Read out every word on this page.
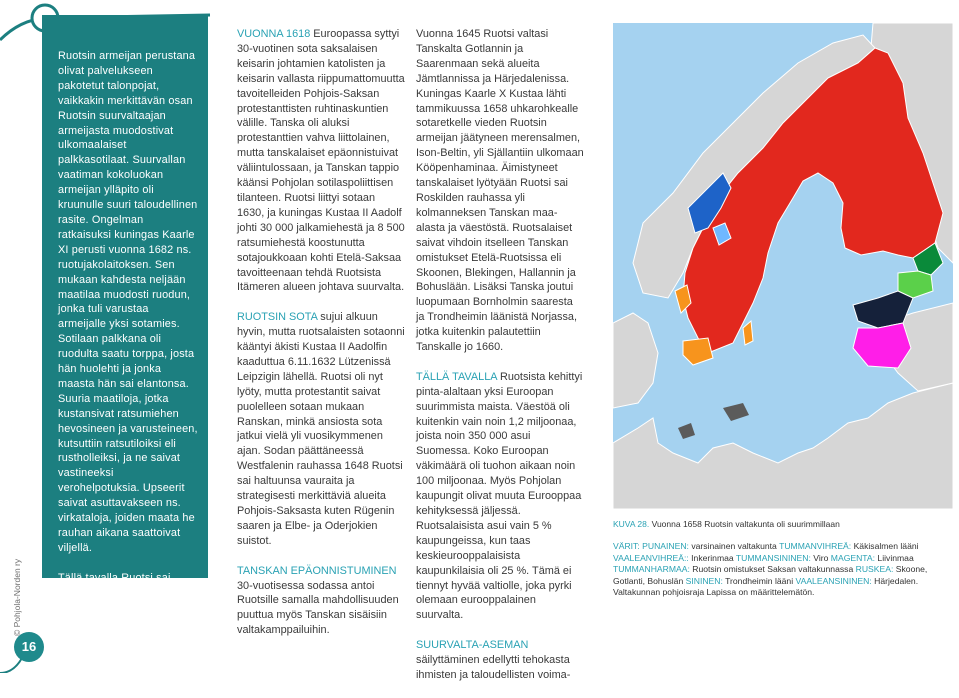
© Pohjola-Norden ry
16

Ruotsin armeijan perustana olivat palvelukseen pakotetut talonpojat, vaikkakin merkittävän osan Ruotsin suurvaltaajan armeijasta muodostivat ulkomaalaiset palkkasotilaat. Suurvallan vaatiman kokoluokan armeijan ylläpito oli kruunulle suuri taloudellinen rasite. Ongelman ratkaisuksi kuningas Kaarle XI perusti vuonna 1682 ns. ruotujakolaitoksen. Sen mukaan kahdesta neljään maatilaa muodosti ruodun, jonka tuli varustaa armeijalle yksi sotamies. Sotilaan palkkana oli ruodulta saatu torppa, josta hän huolehti ja jonka maasta hän sai elantonsa. Suuria maatiloja, jotka kustansivat ratsumiehen hevosineen ja varusteineen, kutsuttiin ratsutiloiksi eli rustholleiksi, ja ne saivat vastineeksi verohelpotuksia. Upseerit saivat asuttavakseen ns. virkataloja, joiden maata he rauhan aikana saattoivat viljellä.

Tällä tavalla Ruotsi sai vakituisen armeijan. Laivastoa varten rakennettiin Karlskronaan valtakunnan ensimmäinen sotilassatama ja -telakka.

VUONNA 1618 Euroopassa syttyi 30-vuotinen sota saksalaisen keisarin johtamien katolisten ja keisarin vallasta riippumattomuutta tavoitelleiden Pohjois-Saksan protestanttisten ruhtinaskuntien välille. Tanska oli aluksi protestanttien vahva liittolainen, mutta tanskalaiset epäonnistuivat väliintulossaan, ja Tanskan tappio käänsi Pohjolan sotilaspoliittisen tilanteen. Ruotsi liittyi sotaan 1630, ja kuningas Kustaa II Aadolf johti 30 000 jalkamiehestä ja 8 500 ratsumiehestä koostunutta sotajoukkoaan kohti Etelä-Saksaa tavoitteenaan tehdä Ruotsista Itämeren alueen johtava suurvalta.

RUOTSIN SOTA sujui alkuun hyvin, mutta ruotsalaisten sotaonni kääntyi äkisti Kustaa II Aadolfin kaaduttua 6.11.1632 Lützenissä Leipzigin lähellä. Ruotsi oli nyt lyöty, mutta protestantit saivat puolelleen sotaan mukaan Ranskan, minkä ansiosta sota jatkui vielä yli vuosikymmenen ajan. Sodan päättäneessä Westfalenin rauhassa 1648 Ruotsi sai haltuunsa vauraita ja strategisesti merkittäviä alueita Pohjois-Saksasta kuten Rügenin saaren ja Elbe- ja Oderjokien suistot.

TANSKAN EPÄONNISTUMINEN 30-vuotisessa sodassa antoi Ruotsille samalla mahdollisuuden puuttua myös Tanskan sisäisiin valtakamppailuihin.

Vuonna 1645 Ruotsi valtasi Tanskalta Gotlannin ja Saarenmaan sekä alueita Jämtlannissa ja Härjedalenissa. Kuningas Kaarle X Kustaa lähti tammikuussa 1658 uhkarohkealle sotaretkelle vieden Ruotsin armeijan jäätyneen merensalmen, Ison-Beltin, yli Själlantiin ulkomaan Kööpenhaminaa. Äimistyneet tanskalaiset lyötyään Ruotsi sai Roskilden rauhassa yli kolmanneksen Tanskan maa-alasta ja väestöstä. Ruotsalaiset saivat vihdoin itselleen Tanskan omistukset Etelä-Ruotsissa eli Skoonen, Blekingen, Hallannin ja Bohuslään. Lisäksi Tanska joutui luopumaan Bornholmin saaresta ja Trondheimin läänistä Norjassa, jotka kuitenkin palautettiin Tanskalle jo 1660.

TÄLLÄ TAVALLA Ruotsista kehittyi pinta-alaltaan yksi Euroopan suurimmista maista. Väestöä oli kuitenkin vain noin 1,2 miljoonaa, joista noin 350 000 asui Suomessa. Koko Euroopan väkimäärä oli tuohon aikaan noin 100 miljoonaa. Myös Pohjolan kaupungit olivat muuta Eurooppaa kehityksessä jäljessä. Ruotsalaisista asui vain 5 % kaupungeissa, kun taas keskieurooppalaisista kaupunkilaisia oli 25 %. Tämä ei tiennyt hyvää valtiolle, joka pyrki olemaan eurooppalainen suurvalta.

SUURVALTA-ASEMAN säilyttäminen edellytti tehokasta ihmisten ja taloudellisten voima-

KUVA 28. Vuonna 1658 Ruotsin valtakunta oli suurimmillaan
VÄRIT: PUNAINEN: varsinainen valtakunta TUMMANVIHREÄ: Käkisalmen lääni VAALEANVIHREÄ:: Inkerinmaa TUMMANSININEN: Viro MAGENTA: Liivinmaa TUMMANHARMAA: Ruotsin omistukset Saksan valtakunnassa RUSKEA: Skoone, Gotlanti, Bohuslän SININEN: Trondheimin lääni VAALEANSININEN: Härjedalen. Valtakunnan pohjoisraja Lapissa on määrittelemätön.
